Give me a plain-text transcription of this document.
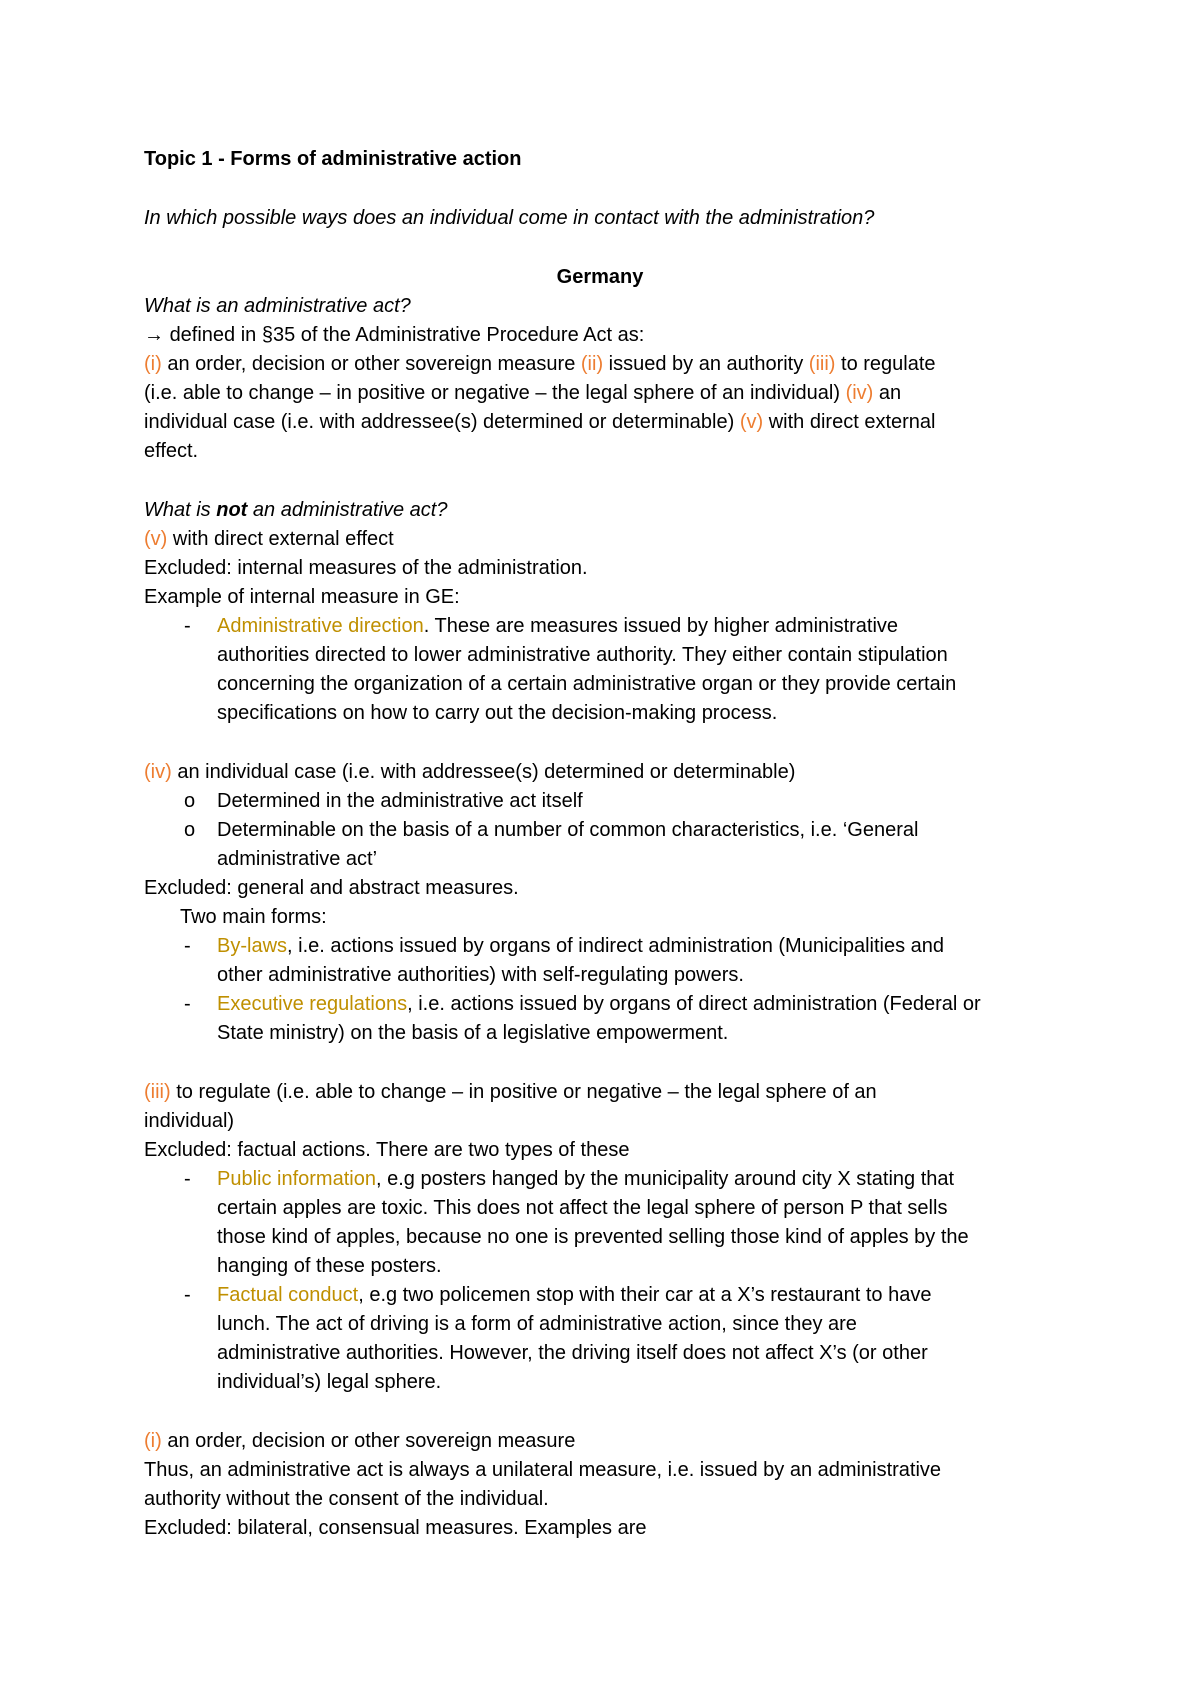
Topic 1 - Forms of administrative action
In which possible ways does an individual come in contact with the administration?
Germany
What is an administrative act?
→ defined in §35 of the Administrative Procedure Act as:
(i) an order, decision or other sovereign measure (ii) issued by an authority (iii) to regulate
(i.e. able to change – in positive or negative – the legal sphere of an individual) (iv) an
individual case (i.e. with addressee(s) determined or determinable) (v) with direct external
effect.
What is not an administrative act?
(v) with direct external effect
Excluded: internal measures of the administration.
Example of internal measure in GE:
- Administrative direction. These are measures issued by higher administrative
authorities directed to lower administrative authority. They either contain stipulation
concerning the organization of a certain administrative organ or they provide certain
specifications on how to carry out the decision-making process.
(iv) an individual case (i.e. with addressee(s) determined or determinable)
o Determined in the administrative act itself
o Determinable on the basis of a number of common characteristics, i.e. ‘General
administrative act’
Excluded: general and abstract measures.
Two main forms:
- By-laws, i.e. actions issued by organs of indirect administration (Municipalities and
other administrative authorities) with self-regulating powers.
- Executive regulations, i.e. actions issued by organs of direct administration (Federal or
State ministry) on the basis of a legislative empowerment.
(iii) to regulate (i.e. able to change – in positive or negative – the legal sphere of an
individual)
Excluded: factual actions. There are two types of these
- Public information, e.g posters hanged by the municipality around city X stating that
certain apples are toxic. This does not affect the legal sphere of person P that sells
those kind of apples, because no one is prevented selling those kind of apples by the
hanging of these posters.
- Factual conduct, e.g two policemen stop with their car at a X’s restaurant to have
lunch. The act of driving is a form of administrative action, since they are
administrative authorities. However, the driving itself does not affect X’s (or other
individual’s) legal sphere.
(i) an order, decision or other sovereign measure
Thus, an administrative act is always a unilateral measure, i.e. issued by an administrative
authority without the consent of the individual.
Excluded: bilateral, consensual measures. Examples are
